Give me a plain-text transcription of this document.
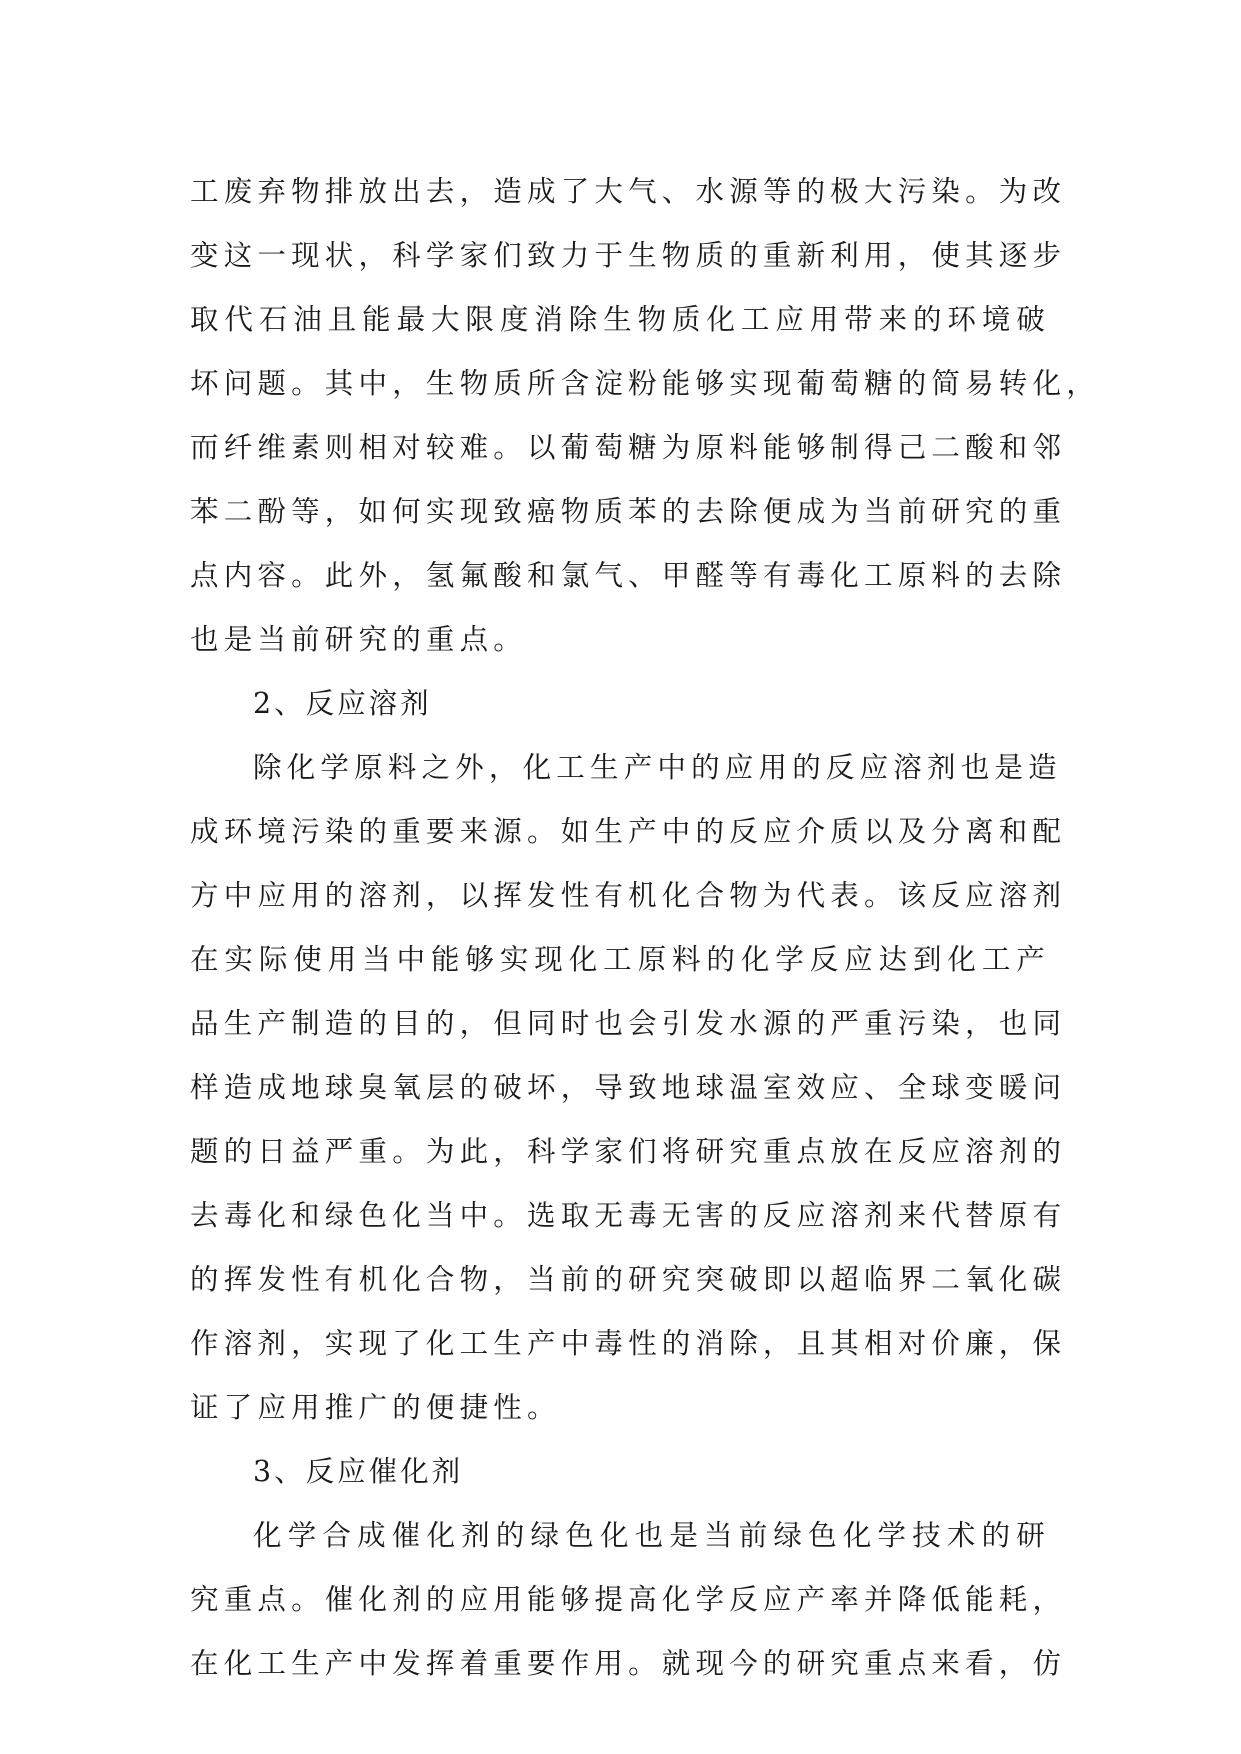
工废弃物排放出去，造成了大气、水源等的极大污染。为改
变这一现状，科学家们致力于生物质的重新利用，使其逐步
取代石油且能最大限度消除生物质化工应用带来的环境破
坏问题。其中，生物质所含淀粉能够实现葡萄糖的简易转化，
而纤维素则相对较难。以葡萄糖为原料能够制得己二酸和邻
苯二酚等，如何实现致癌物质苯的去除便成为当前研究的重
点内容。此外，氢氟酸和氯气、甲醛等有毒化工原料的去除
也是当前研究的重点。
2、反应溶剂
除化学原料之外，化工生产中的应用的反应溶剂也是造
成环境污染的重要来源。如生产中的反应介质以及分离和配
方中应用的溶剂，以挥发性有机化合物为代表。该反应溶剂
在实际使用当中能够实现化工原料的化学反应达到化工产
品生产制造的目的，但同时也会引发水源的严重污染，也同
样造成地球臭氧层的破坏，导致地球温室效应、全球变暖问
题的日益严重。为此，科学家们将研究重点放在反应溶剂的
去毒化和绿色化当中。选取无毒无害的反应溶剂来代替原有
的挥发性有机化合物，当前的研究突破即以超临界二氧化碳
作溶剂，实现了化工生产中毒性的消除，且其相对价廉，保
证了应用推广的便捷性。
3、反应催化剂
化学合成催化剂的绿色化也是当前绿色化学技术的研
究重点。催化剂的应用能够提高化学反应产率并降低能耗，
在化工生产中发挥着重要作用。就现今的研究重点来看，仿
